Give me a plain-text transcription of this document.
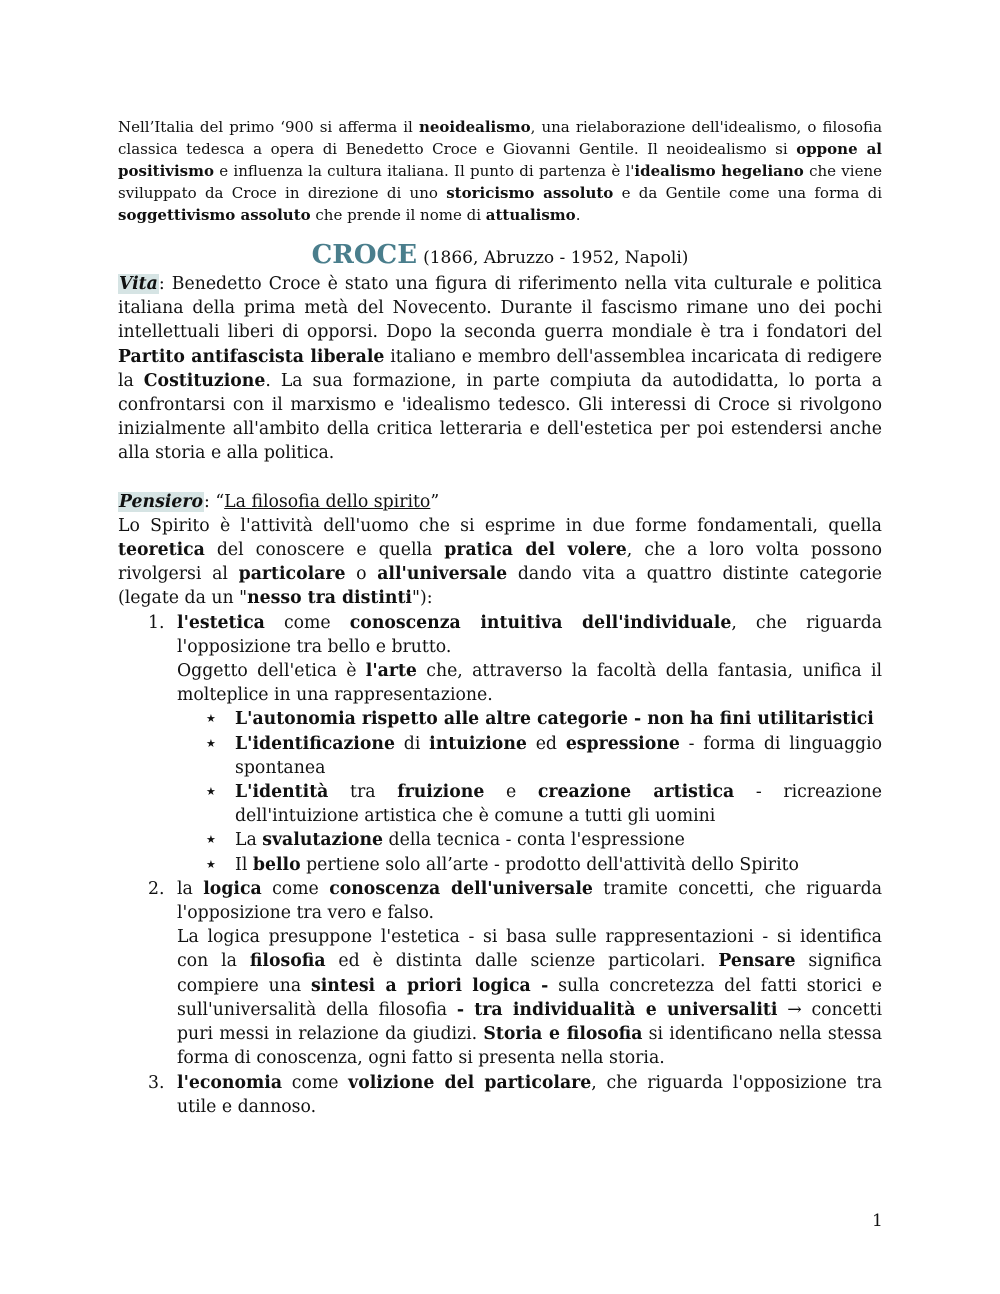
Nell’Italia del primo ‘900 si afferma il neoidealismo, una rielaborazione dell'idealismo, o filosofia classica tedesca a opera di Benedetto Croce e Giovanni Gentile. Il neoidealismo si oppone al positivismo e influenza la cultura italiana. Il punto di partenza è l'idealismo hegeliano che viene sviluppato da Croce in direzione di uno storicismo assoluto e da Gentile come una forma di soggettivismo assoluto che prende il nome di attualismo.

CROCE (1866, Abruzzo - 1952, Napoli)

Vita: Benedetto Croce è stato una figura di riferimento nella vita culturale e politica italiana della prima metà del Novecento. Durante il fascismo rimane uno dei pochi intellettuali liberi di opporsi. Dopo la seconda guerra mondiale è tra i fondatori del Partito antifascista liberale italiano e membro dell'assemblea incaricata di redigere la Costituzione. La sua formazione, in parte compiuta da autodidatta, lo porta a confrontarsi con il marxismo e 'idealismo tedesco. Gli interessi di Croce si rivolgono inizialmente all'ambito della critica letteraria e dell'estetica per poi estendersi anche alla storia e alla politica.

Pensiero: “La filosofia dello spirito”

Lo Spirito è l'attività dell'uomo che si esprime in due forme fondamentali, quella teoretica del conoscere e quella pratica del volere, che a loro volta possono rivolgersi al particolare o all'universale dando vita a quattro distinte categorie (legate da un "nesso tra distinti"):

1. l'estetica come conoscenza intuitiva dell'individuale, che riguarda l'opposizione tra bello e brutto.

Oggetto dell'etica è l'arte che, attraverso la facoltà della fantasia, unifica il molteplice in una rappresentazione.

★ L'autonomia rispetto alle altre categorie - non ha fini utilitaristici
★ L'identificazione di intuizione ed espressione - forma di linguaggio spontanea
★ L'identità tra fruizione e creazione artistica - ricreazione dell'intuizione artistica che è comune a tutti gli uomini
★ La svalutazione della tecnica - conta l'espressione
★ Il bello pertiene solo all’arte - prodotto dell'attività dello Spirito
2. la logica come conoscenza dell'universale tramite concetti, che riguarda l'opposizione tra vero e falso.

La logica presuppone l'estetica - si basa sulle rappresentazioni - si identifica con la filosofia ed è distinta dalle scienze particolari. Pensare significa compiere una sintesi a priori logica - sulla concretezza del fatti storici e sull'universalità della filosofia - tra individualità e universaliti → concetti puri messi in relazione da giudizi. Storia e filosofia si identificano nella stessa forma di conoscenza, ogni fatto si presenta nella storia.

3. l'economia come volizione del particolare, che riguarda l'opposizione tra utile e dannoso.

1
